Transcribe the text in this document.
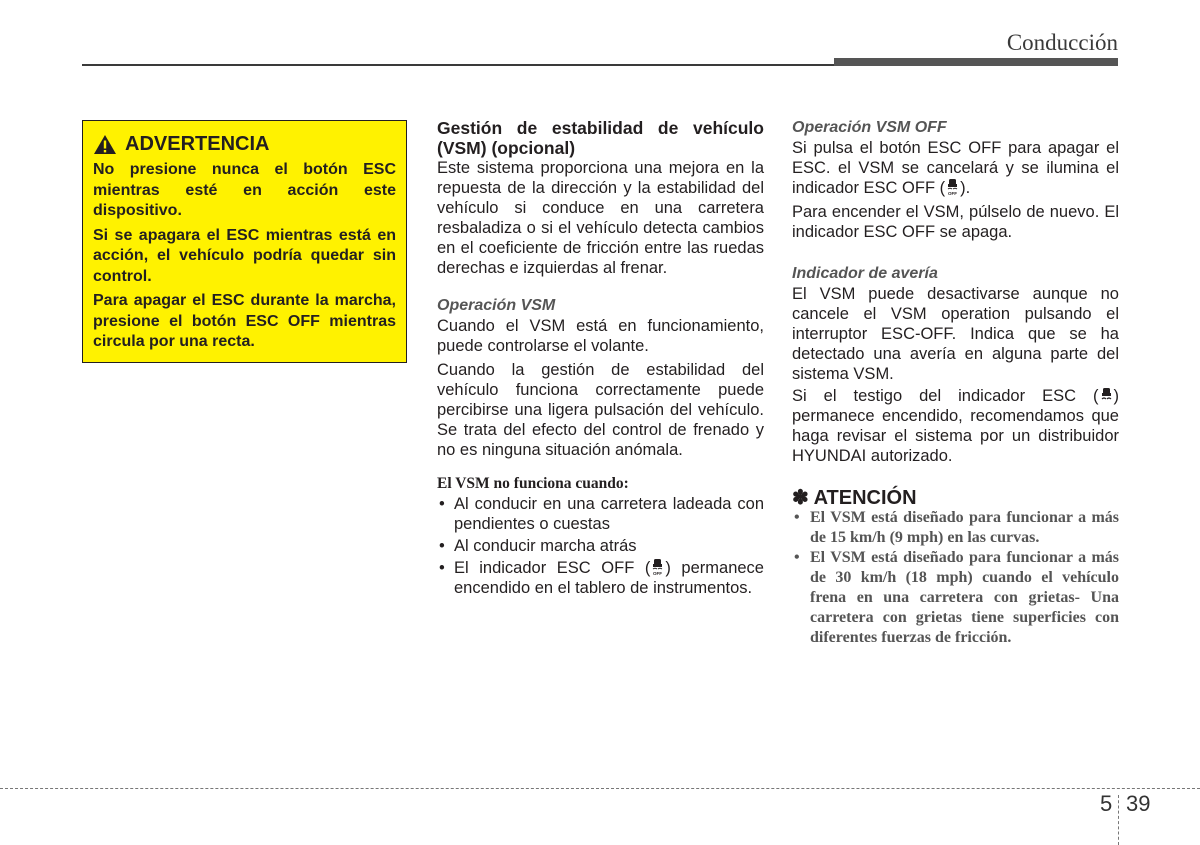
Conducción
ADVERTENCIA

No presione nunca el botón ESC mientras esté en acción este dispositivo.

Si se apagara el ESC mientras está en acción, el vehículo podría quedar sin control.

Para apagar el ESC durante la marcha, presione el botón ESC OFF mientras circula por una recta.

Gestión de estabilidad de vehículo (VSM) (opcional)

Este sistema proporciona una mejora en la repuesta de la dirección y la estabilidad del vehículo si conduce en una carretera resbaladiza o si el vehículo detecta cambios en el coeficiente de fricción entre las ruedas derechas e izquierdas al frenar.

Operación VSM

Cuando el VSM está en funcionamiento, puede controlarse el volante.

Cuando la gestión de estabilidad del vehículo funciona correctamente puede percibirse una ligera pulsación del vehículo. Se trata del efecto del control de frenado y no es ninguna situación anómala.

El VSM no funciona cuando:

• Al conducir en una carretera ladeada con pendientes o cuestas
• Al conducir marcha atrás
• El indicador ESC OFF ( OFF ) permanece encendido en el tablero de instrumentos.

Operación VSM OFF

Si pulsa el botón ESC OFF para apagar el ESC. el VSM se cancelará y se ilumina el indicador ESC OFF ( OFF ).

Para encender el VSM, púlselo de nuevo. El indicador ESC OFF se apaga.

Indicador de avería

El VSM puede desactivarse aunque no cancele el VSM operation pulsando el interruptor ESC-OFF. Indica que se ha detectado una avería en alguna parte del sistema VSM.

Si el testigo del indicador ESC ( ) permanece encendido, recomendamos que haga revisar el sistema por un distribuidor HYUNDAI autorizado.

✽ ATENCIÓN

• El VSM está diseñado para funcionar a más de 15 km/h (9 mph) en las curvas.
• El VSM está diseñado para funcionar a más de 30 km/h (18 mph) cuando el vehículo frena en una carretera con grietas- Una carretera con grietas tiene superficies con diferentes fuerzas de fricción.
5 39
